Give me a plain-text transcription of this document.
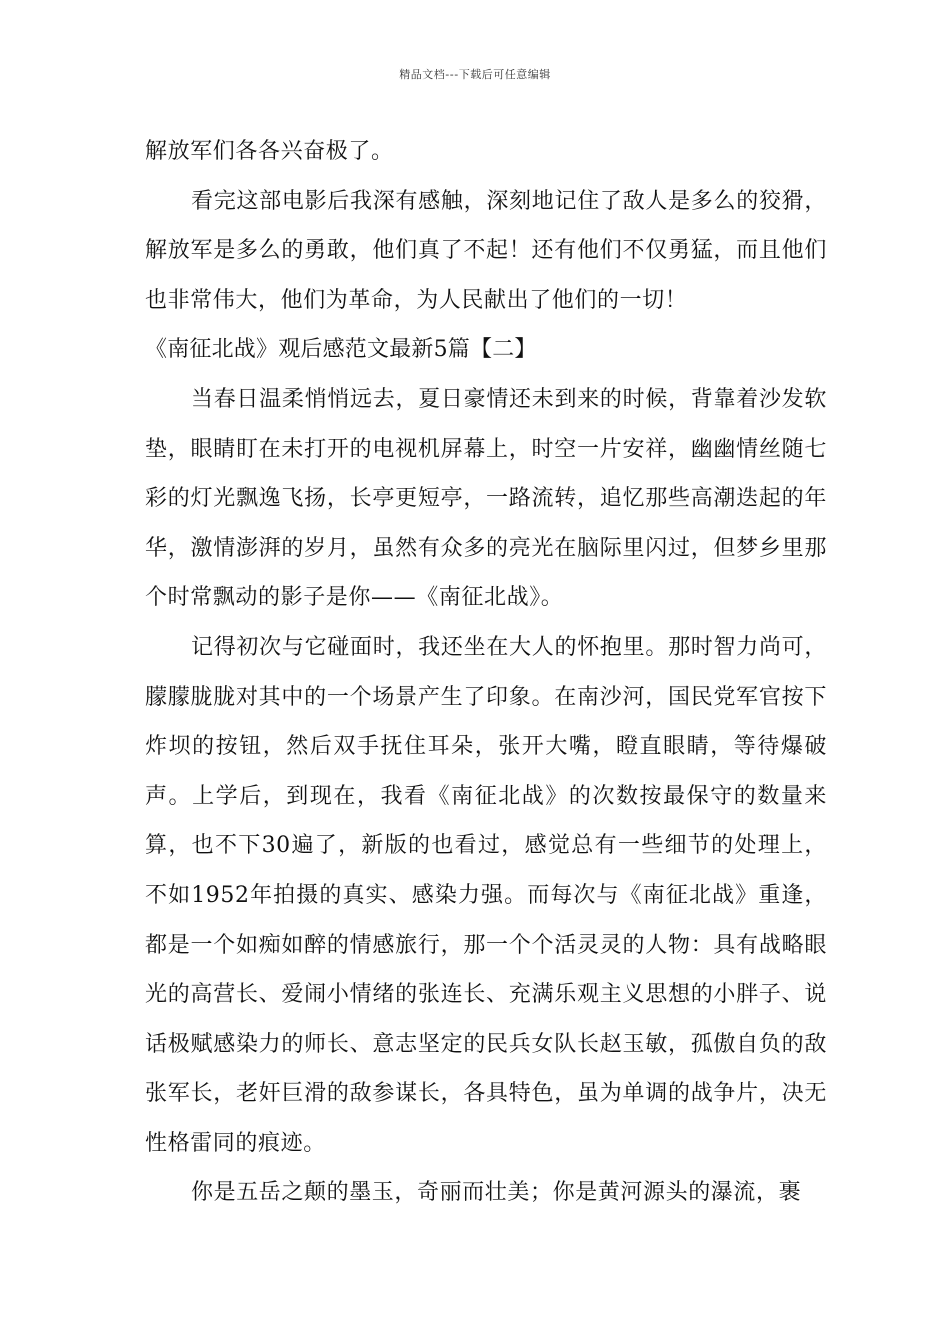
精品文档---下载后可任意编辑

解放军们各各兴奋极了。

看完这部电影后我深有感触，深刻地记住了敌人是多么的狡猾，解放军是多么的勇敢，他们真了不起！还有他们不仅勇猛，而且他们也非常伟大，他们为革命，为人民献出了他们的一切！

《南征北战》观后感范文最新5篇【二】

当春日温柔悄悄远去，夏日豪情还未到来的时候，背靠着沙发软垫，眼睛盯在未打开的电视机屏幕上，时空一片安祥，幽幽情丝随七彩的灯光飘逸飞扬，长亭更短亭，一路流转，追忆那些高潮迭起的年华，激情澎湃的岁月，虽然有众多的亮光在脑际里闪过，但梦乡里那个时常飘动的影子是你——《南征北战》。

记得初次与它碰面时，我还坐在大人的怀抱里。那时智力尚可，朦朦胧胧对其中的一个场景产生了印象。在南沙河，国民党军官按下炸坝的按钮，然后双手抚住耳朵，张开大嘴，瞪直眼睛，等待爆破声。上学后，到现在，我看《南征北战》的次数按最保守的数量来算，也不下30遍了，新版的也看过，感觉总有一些细节的处理上，不如1952年拍摄的真实、感染力强。而每次与《南征北战》重逢，都是一个如痴如醉的情感旅行，那一个个活灵灵的人物：具有战略眼光的高营长、爱闹小情绪的张连长、充满乐观主义思想的小胖子、说话极赋感染力的师长、意志坚定的民兵女队长赵玉敏，孤傲自负的敌张军长，老奸巨滑的敌参谋长，各具特色，虽为单调的战争片，决无性格雷同的痕迹。

你是五岳之颠的墨玉，奇丽而壮美；你是黄河源头的瀑流，裹
